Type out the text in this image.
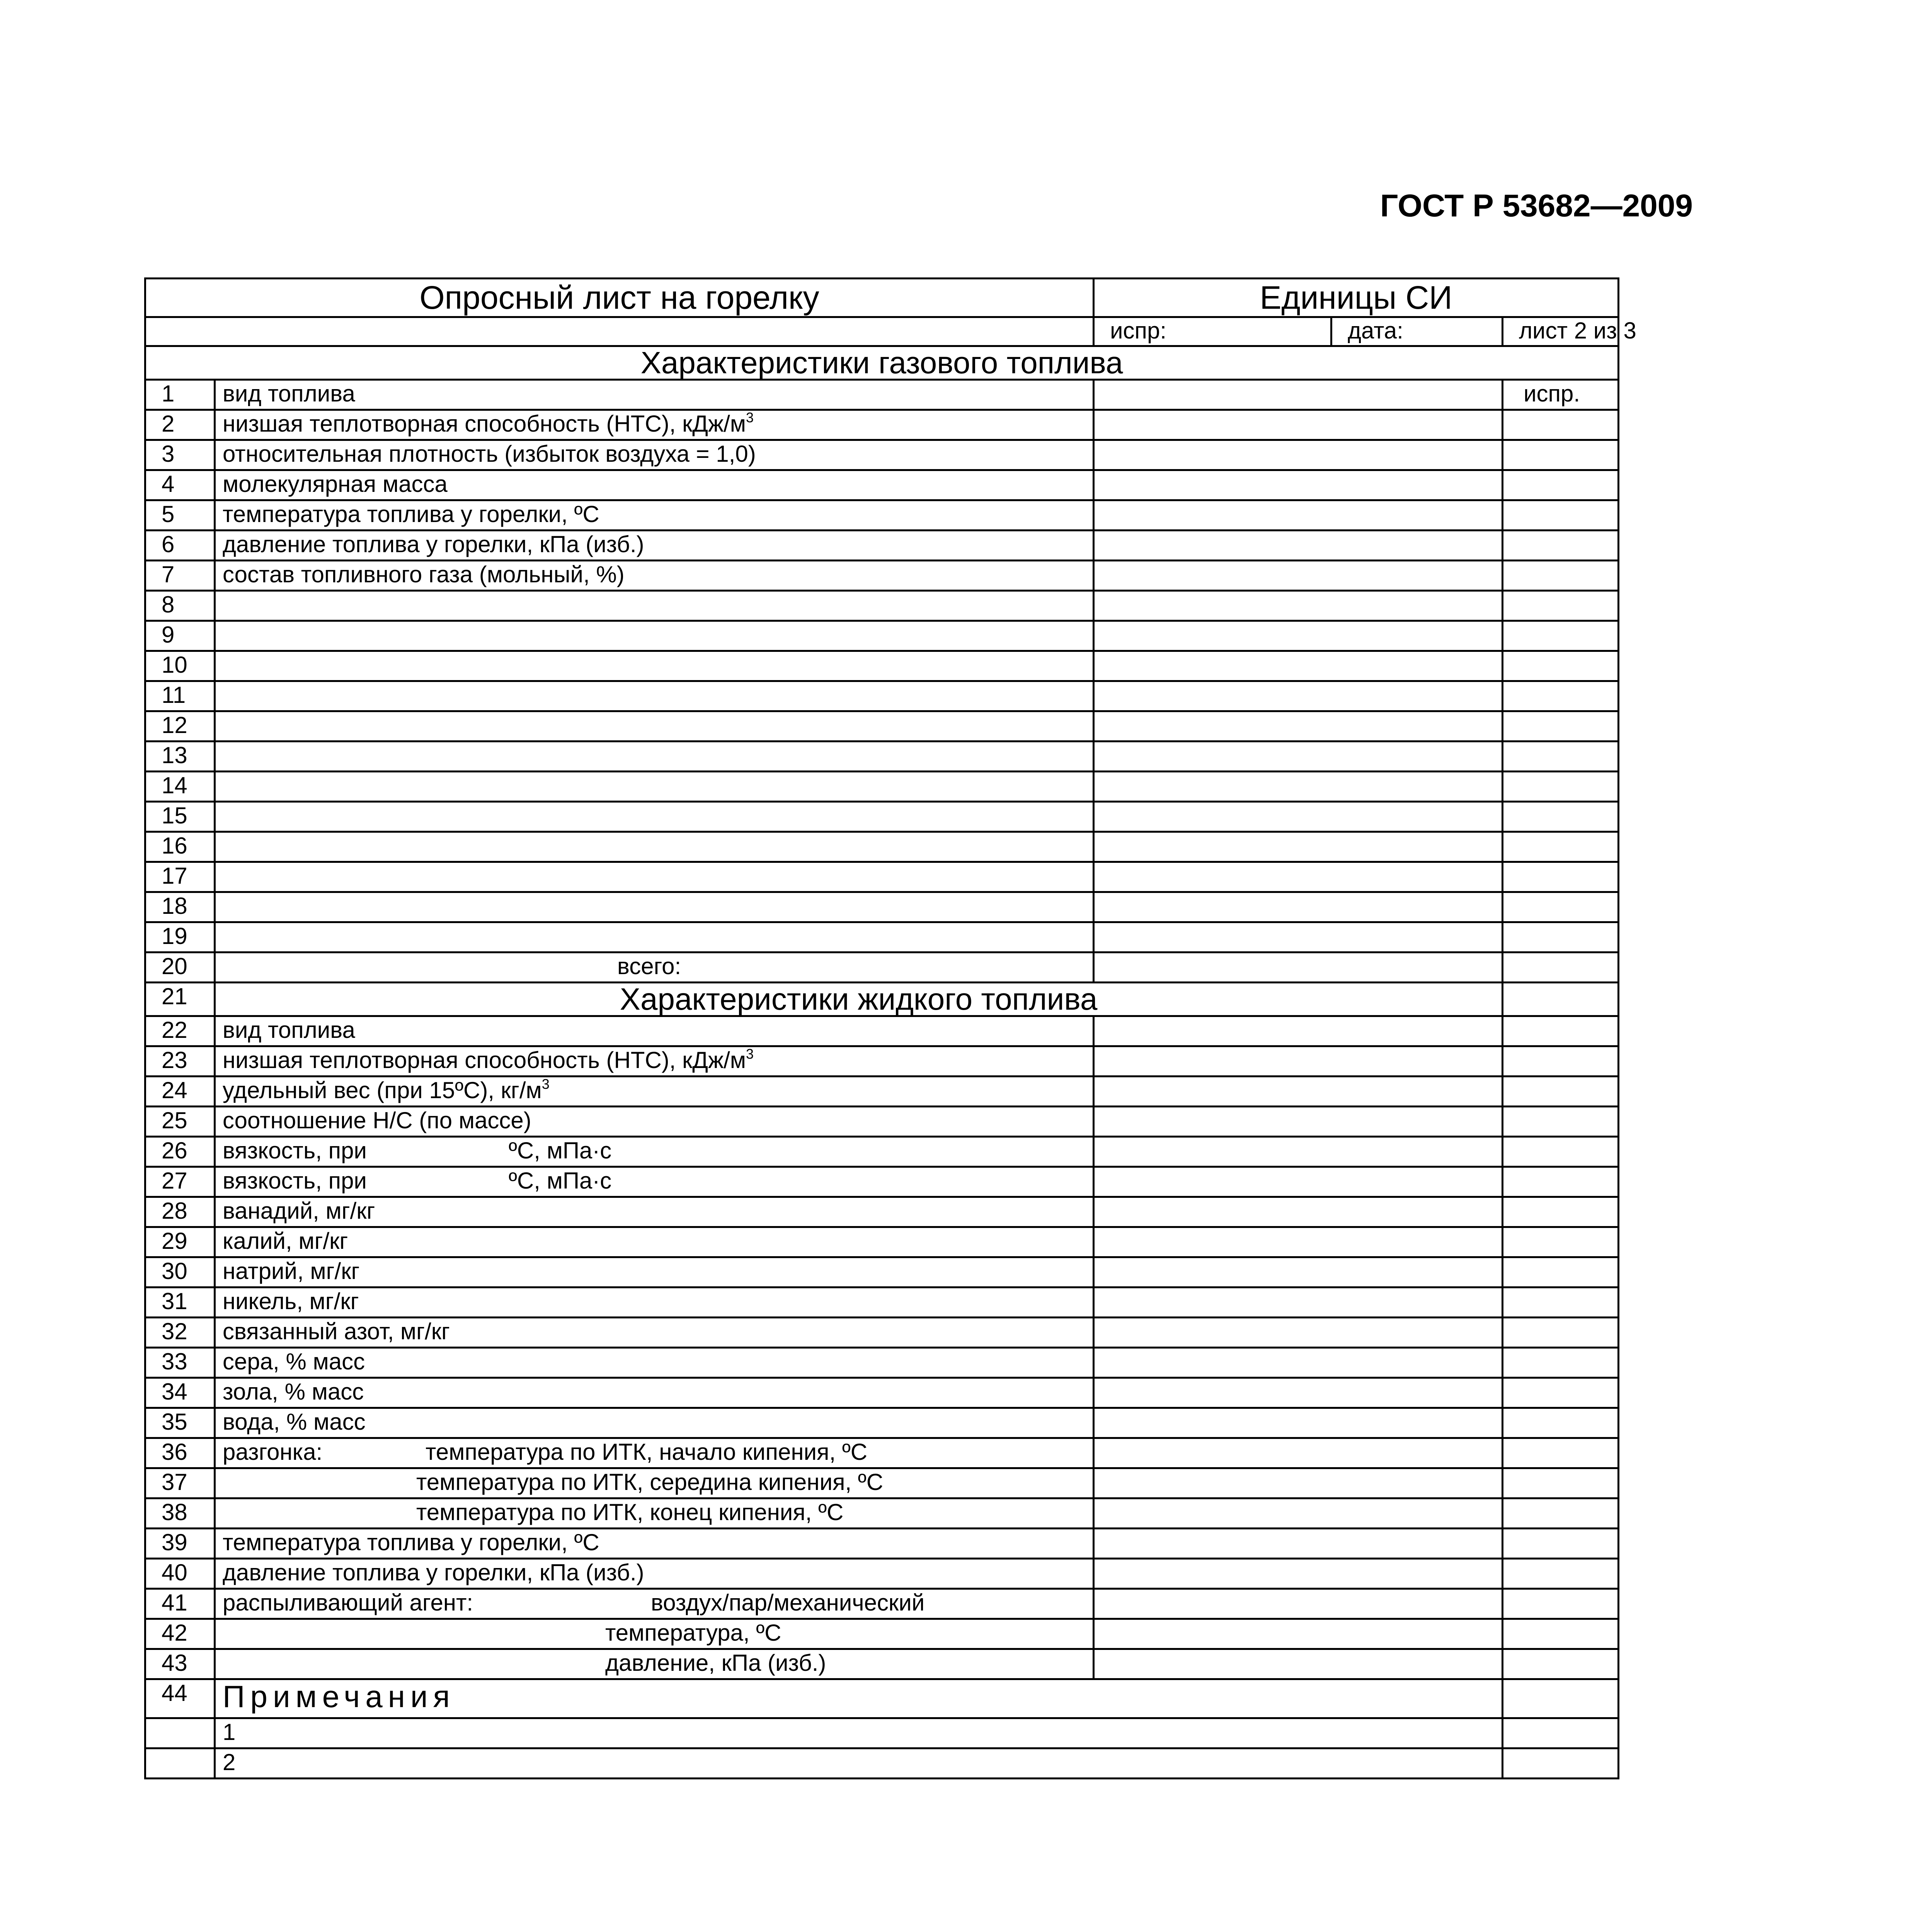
ГОСТ Р 53682—2009
Опросный лист на горелку		Единицы СИ		
		испр:	дата:	лист 2 из 3
Характеристики газового топлива				
1	вид топлива			испр.
2	низшая теплотворная способность (НТС), кДж/$м^3$		
3	относительная плотность (избыток воздуха = 1,0)			
4	молекулярная масса			
5	температура топлива у горелки, ºС			
6	давление топлива у горелки, кПа (изб.)			
7	состав топливного газа (мольный, %)			
8				
9				
10				
11				
12				
13				
14				
15				
16				
17				
18				
19				
20	всего:			
21	Характеристики жидкого топлива			
22	вид топлива			
23	низшая теплотворная способность (НТС), кДж/$м^3$		
24	удельный вес (при 15ºС), $кг/м^3$		
25	соотношение Н/С (по массе)			
26	вязкость, при ºС, мПа·с			
27	вязкость, при ºС, мПа·с			
28	ванадий, мг/кг			
29	калий, мг/кг			
30	натрий, мг/кг			
31	никель, мг/кг			
32	связанный азот, мг/кг			
33	сера, % масс			
34	зола, % масс			
35	вода, % масс			
36	разгонка: температура по ИТК, начало кипения, ºС			
37	температура по ИТК, середина кипения, ºС			
38	температура по ИТК, конец кипения, ºС			
39	температура топлива у горелки, ºС			
40	давление топлива у горелки, кПа (изб.)			
41	распыливающий агент: воздух/пар/механический			
42	температура, ºС			
43	давление, кПа (изб.)			
44	Примечания			
	1			
	2			
